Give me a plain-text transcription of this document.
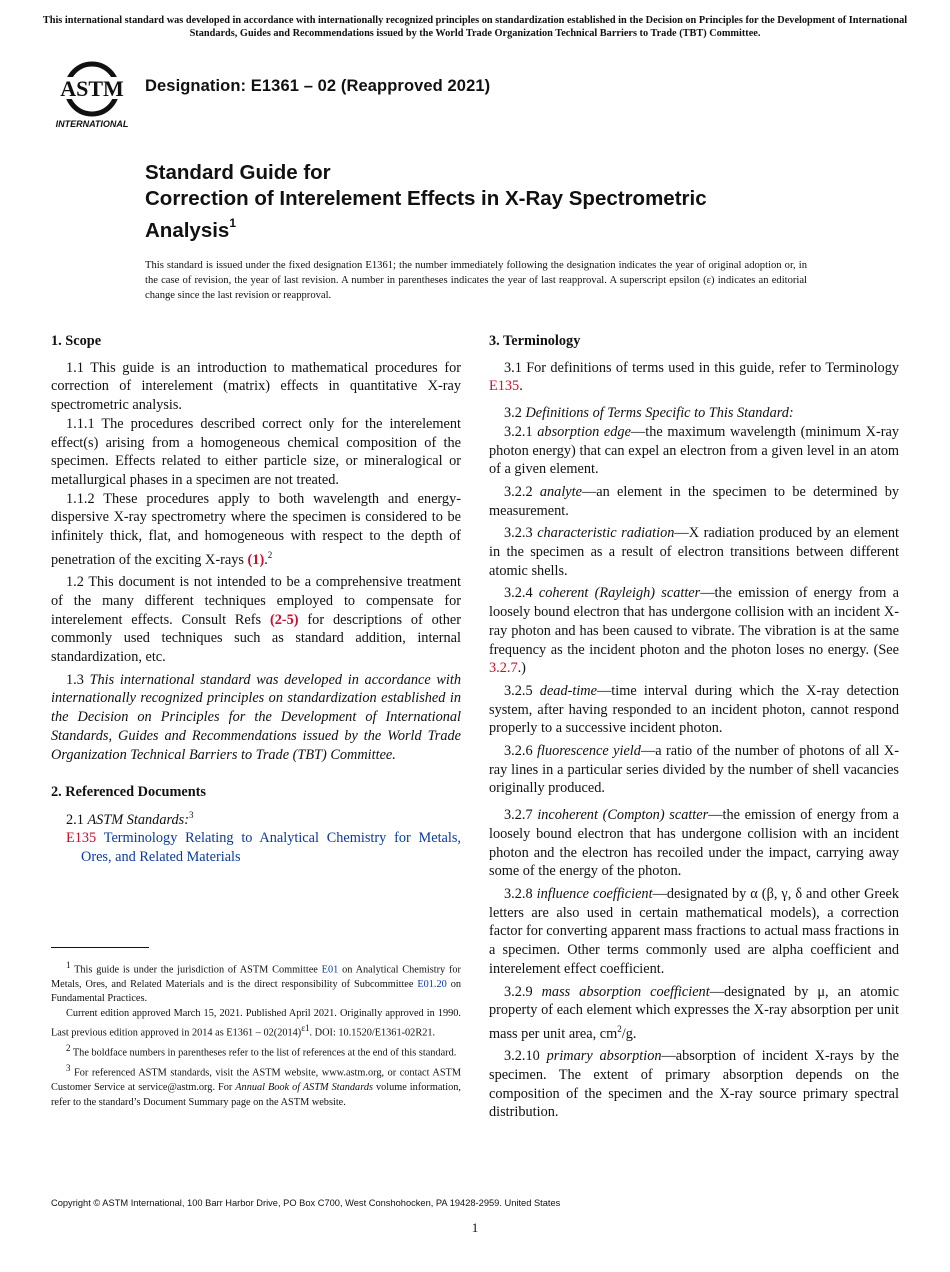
This international standard was developed in accordance with internationally recognized principles on standardization established in the Decision on Principles for the Development of International Standards, Guides and Recommendations issued by the World Trade Organization Technical Barriers to Trade (TBT) Committee.
ASTM
INTERNATIONAL
Designation: E1361 – 02 (Reapproved 2021)
Standard Guide for
Correction of Interelement Effects in X-Ray Spectrometric
Analysis$^1$
This standard is issued under the fixed designation E1361; the number immediately following the designation indicates the year of original adoption or, in the case of revision, the year of last revision. A number in parentheses indicates the year of last reapproval. A superscript epsilon (ε) indicates an editorial change since the last revision or reapproval.
1. Scope

1.1 This guide is an introduction to mathematical procedures for correction of interelement (matrix) effects in quantitative X-ray spectrometric analysis.

1.1.1 The procedures described correct only for the interelement effect(s) arising from a homogeneous chemical composition of the specimen. Effects related to either particle size, or mineralogical or metallurgical phases in a specimen are not treated.

1.1.2 These procedures apply to both wavelength and energy-dispersive X-ray spectrometry where the specimen is considered to be infinitely thick, flat, and homogeneous with respect to the depth of penetration of the exciting X-rays (1).$^2$

1.2 This document is not intended to be a comprehensive treatment of the many different techniques employed to compensate for interelement effects. Consult Refs (2-5) for descriptions of other commonly used techniques such as standard addition, internal standardization, etc.

1.3 This international standard was developed in accordance with internationally recognized principles on standardization established in the Decision on Principles for the Development of International Standards, Guides and Recommendations issued by the World Trade Organization Technical Barriers to Trade (TBT) Committee.

2. Referenced Documents

2.1 ASTM Standards:$^3$

E135 Terminology Relating to Analytical Chemistry for Metals, Ores, and Related Materials

3. Terminology

3.1 For definitions of terms used in this guide, refer to Terminology E135.

3.2 Definitions of Terms Specific to This Standard:

3.2.1 absorption edge—the maximum wavelength (minimum X-ray photon energy) that can expel an electron from a given level in an atom of a given element.

3.2.2 analyte—an element in the specimen to be determined by measurement.

3.2.3 characteristic radiation—X radiation produced by an element in the specimen as a result of electron transitions between different atomic shells.

3.2.4 coherent (Rayleigh) scatter—the emission of energy from a loosely bound electron that has undergone collision with an incident X-ray photon and has been caused to vibrate. The vibration is at the same frequency as the incident photon and the photon loses no energy. (See 3.2.7.)

3.2.5 dead-time—time interval during which the X-ray detection system, after having responded to an incident photon, cannot respond properly to a successive incident photon.

3.2.6 fluorescence yield—a ratio of the number of photons of all X-ray lines in a particular series divided by the number of shell vacancies originally produced.

3.2.7 incoherent (Compton) scatter—the emission of energy from a loosely bound electron that has undergone collision with an incident photon and the electron has recoiled under the impact, carrying away some of the energy of the photon.

3.2.8 influence coefficient—designated by α (β, γ, δ and other Greek letters are also used in certain mathematical models), a correction factor for converting apparent mass fractions to actual mass fractions in a specimen. Other terms commonly used are alpha coefficient and interelement effect coefficient.

3.2.9 mass absorption coefficient—designated by μ, an atomic property of each element which expresses the X-ray absorption per unit mass per unit area, $cm^2/g$.

3.2.10 primary absorption—absorption of incident X-rays by the specimen. The extent of primary absorption depends on the composition of the specimen and the X-ray source primary spectral distribution.

$^1$ This guide is under the jurisdiction of ASTM Committee E01 on Analytical Chemistry for Metals, Ores, and Related Materials and is the direct responsibility of Subcommittee E01.20 on Fundamental Practices.

Current edition approved March 15, 2021. Published April 2021. Originally approved in 1990. Last previous edition approved in 2014 as $E1361 - 02(2014)^{\varepsilon 1}$. DOI: 10.1520/E1361-02R21.

$^2$ The boldface numbers in parentheses refer to the list of references at the end of this standard.

$^3$ For referenced ASTM standards, visit the ASTM website, www.astm.org, or contact ASTM Customer Service at service@astm.org. For Annual Book of ASTM Standards volume information, refer to the standard’s Document Summary page on the ASTM website.

Copyright © ASTM International, 100 Barr Harbor Drive, PO Box C700, West Conshohocken, PA 19428-2959. United States
1
